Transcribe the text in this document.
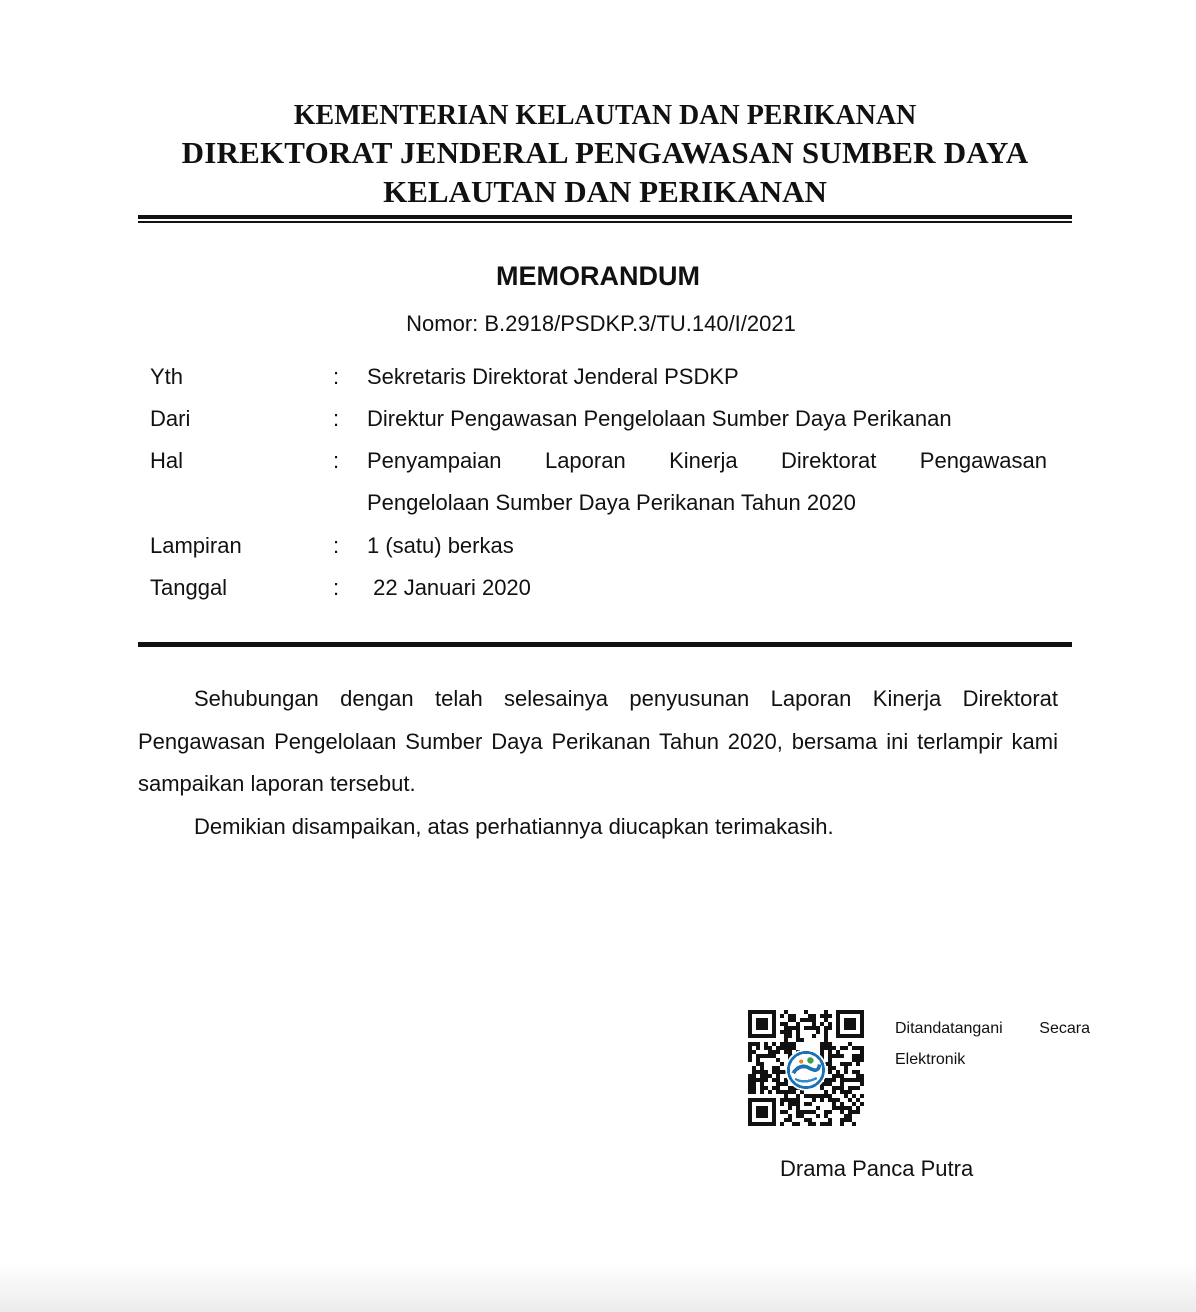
KEMENTERIAN KELAUTAN DAN PERIKANAN
DIREKTORAT JENDERAL PENGAWASAN SUMBER DAYA
KELAUTAN DAN PERIKANAN
MEMORANDUM
Nomor: B.2918/PSDKP.3/TU.140/I/2021
Yth	: Sekretaris Direktorat Jenderal PSDKP
Dari	: Direktur Pengawasan Pengelolaan Sumber Daya Perikanan
Hal	: Penyampaian Laporan Kinerja Direktorat Pengawasan
Pengelolaan Sumber Daya Perikanan Tahun 2020
Lampiran	: 1 (satu) berkas
Tanggal	: 22 Januari 2020
Sehubungan dengan telah selesainya penyusunan Laporan Kinerja Direktorat Pengawasan Pengelolaan Sumber Daya Perikanan Tahun 2020, bersama ini terlampir kami sampaikan laporan tersebut.
Demikian disampaikan, atas perhatiannya diucapkan terimakasih.
Ditandatangani Secara
Elektronik
Drama Panca Putra
